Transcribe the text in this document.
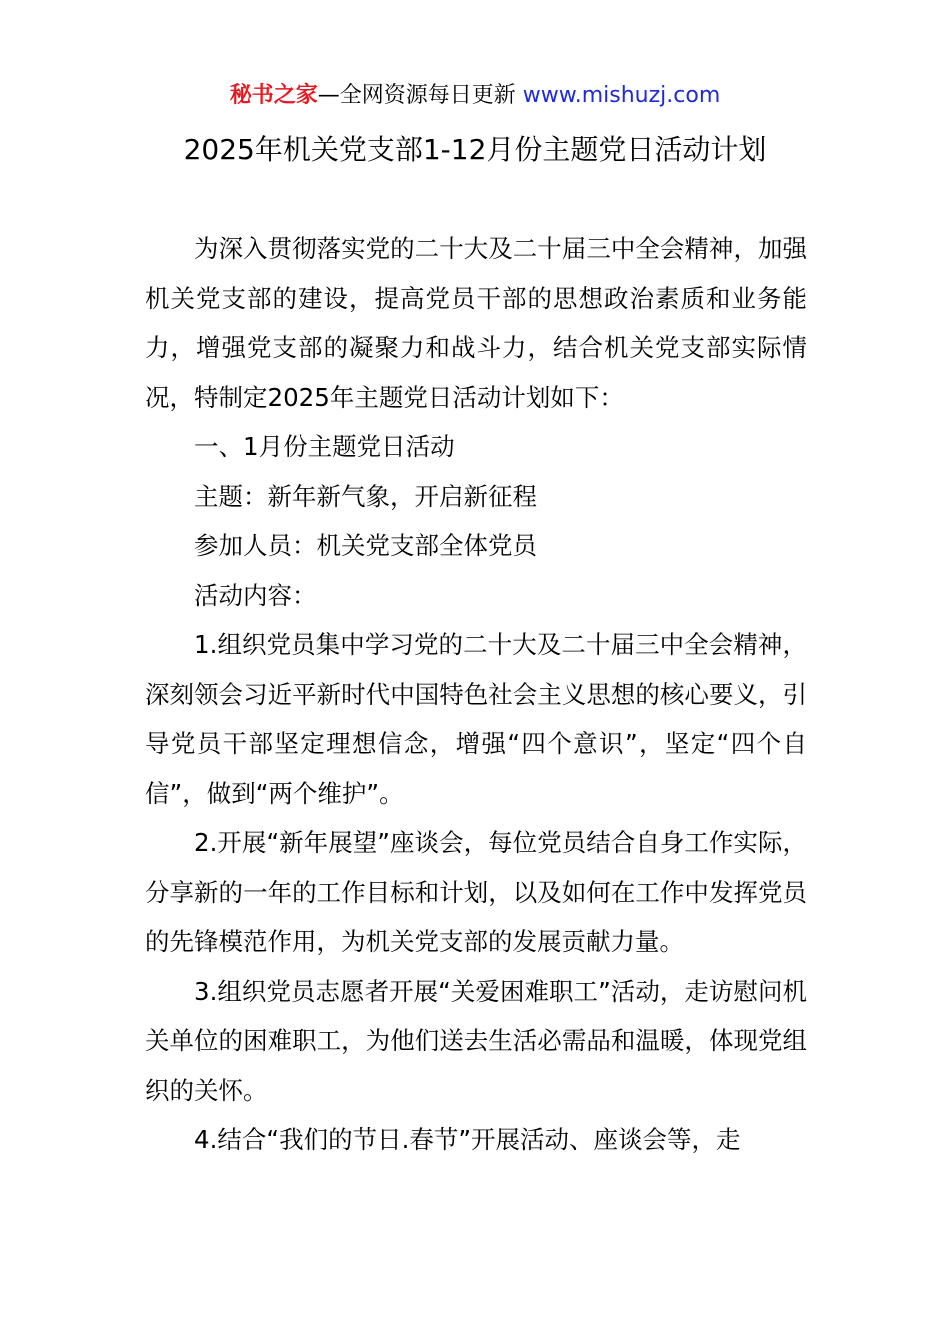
秘书之家—全网资源每日更新 www.mishuzj.com
2025年机关党支部1-12月份主题党日活动计划

为深入贯彻落实党的二十大及二十届三中全会精神，加强机关党支部的建设，提高党员干部的思想政治素质和业务能力，增强党支部的凝聚力和战斗力，结合机关党支部实际情况，特制定2025年主题党日活动计划如下：

一、1月份主题党日活动

主题：新年新气象，开启新征程

参加人员：机关党支部全体党员

活动内容：

1.组织党员集中学习党的二十大及二十届三中全会精神，深刻领会习近平新时代中国特色社会主义思想的核心要义，引导党员干部坚定理想信念，增强“四个意识”，坚定“四个自信”，做到“两个维护”。

2.开展“新年展望”座谈会，每位党员结合自身工作实际，分享新的一年的工作目标和计划，以及如何在工作中发挥党员的先锋模范作用，为机关党支部的发展贡献力量。

3.组织党员志愿者开展“关爱困难职工”活动，走访慰问机关单位的困难职工，为他们送去生活必需品和温暖，体现党组织的关怀。

4.结合“我们的节日.春节”开展活动、座谈会等，走
